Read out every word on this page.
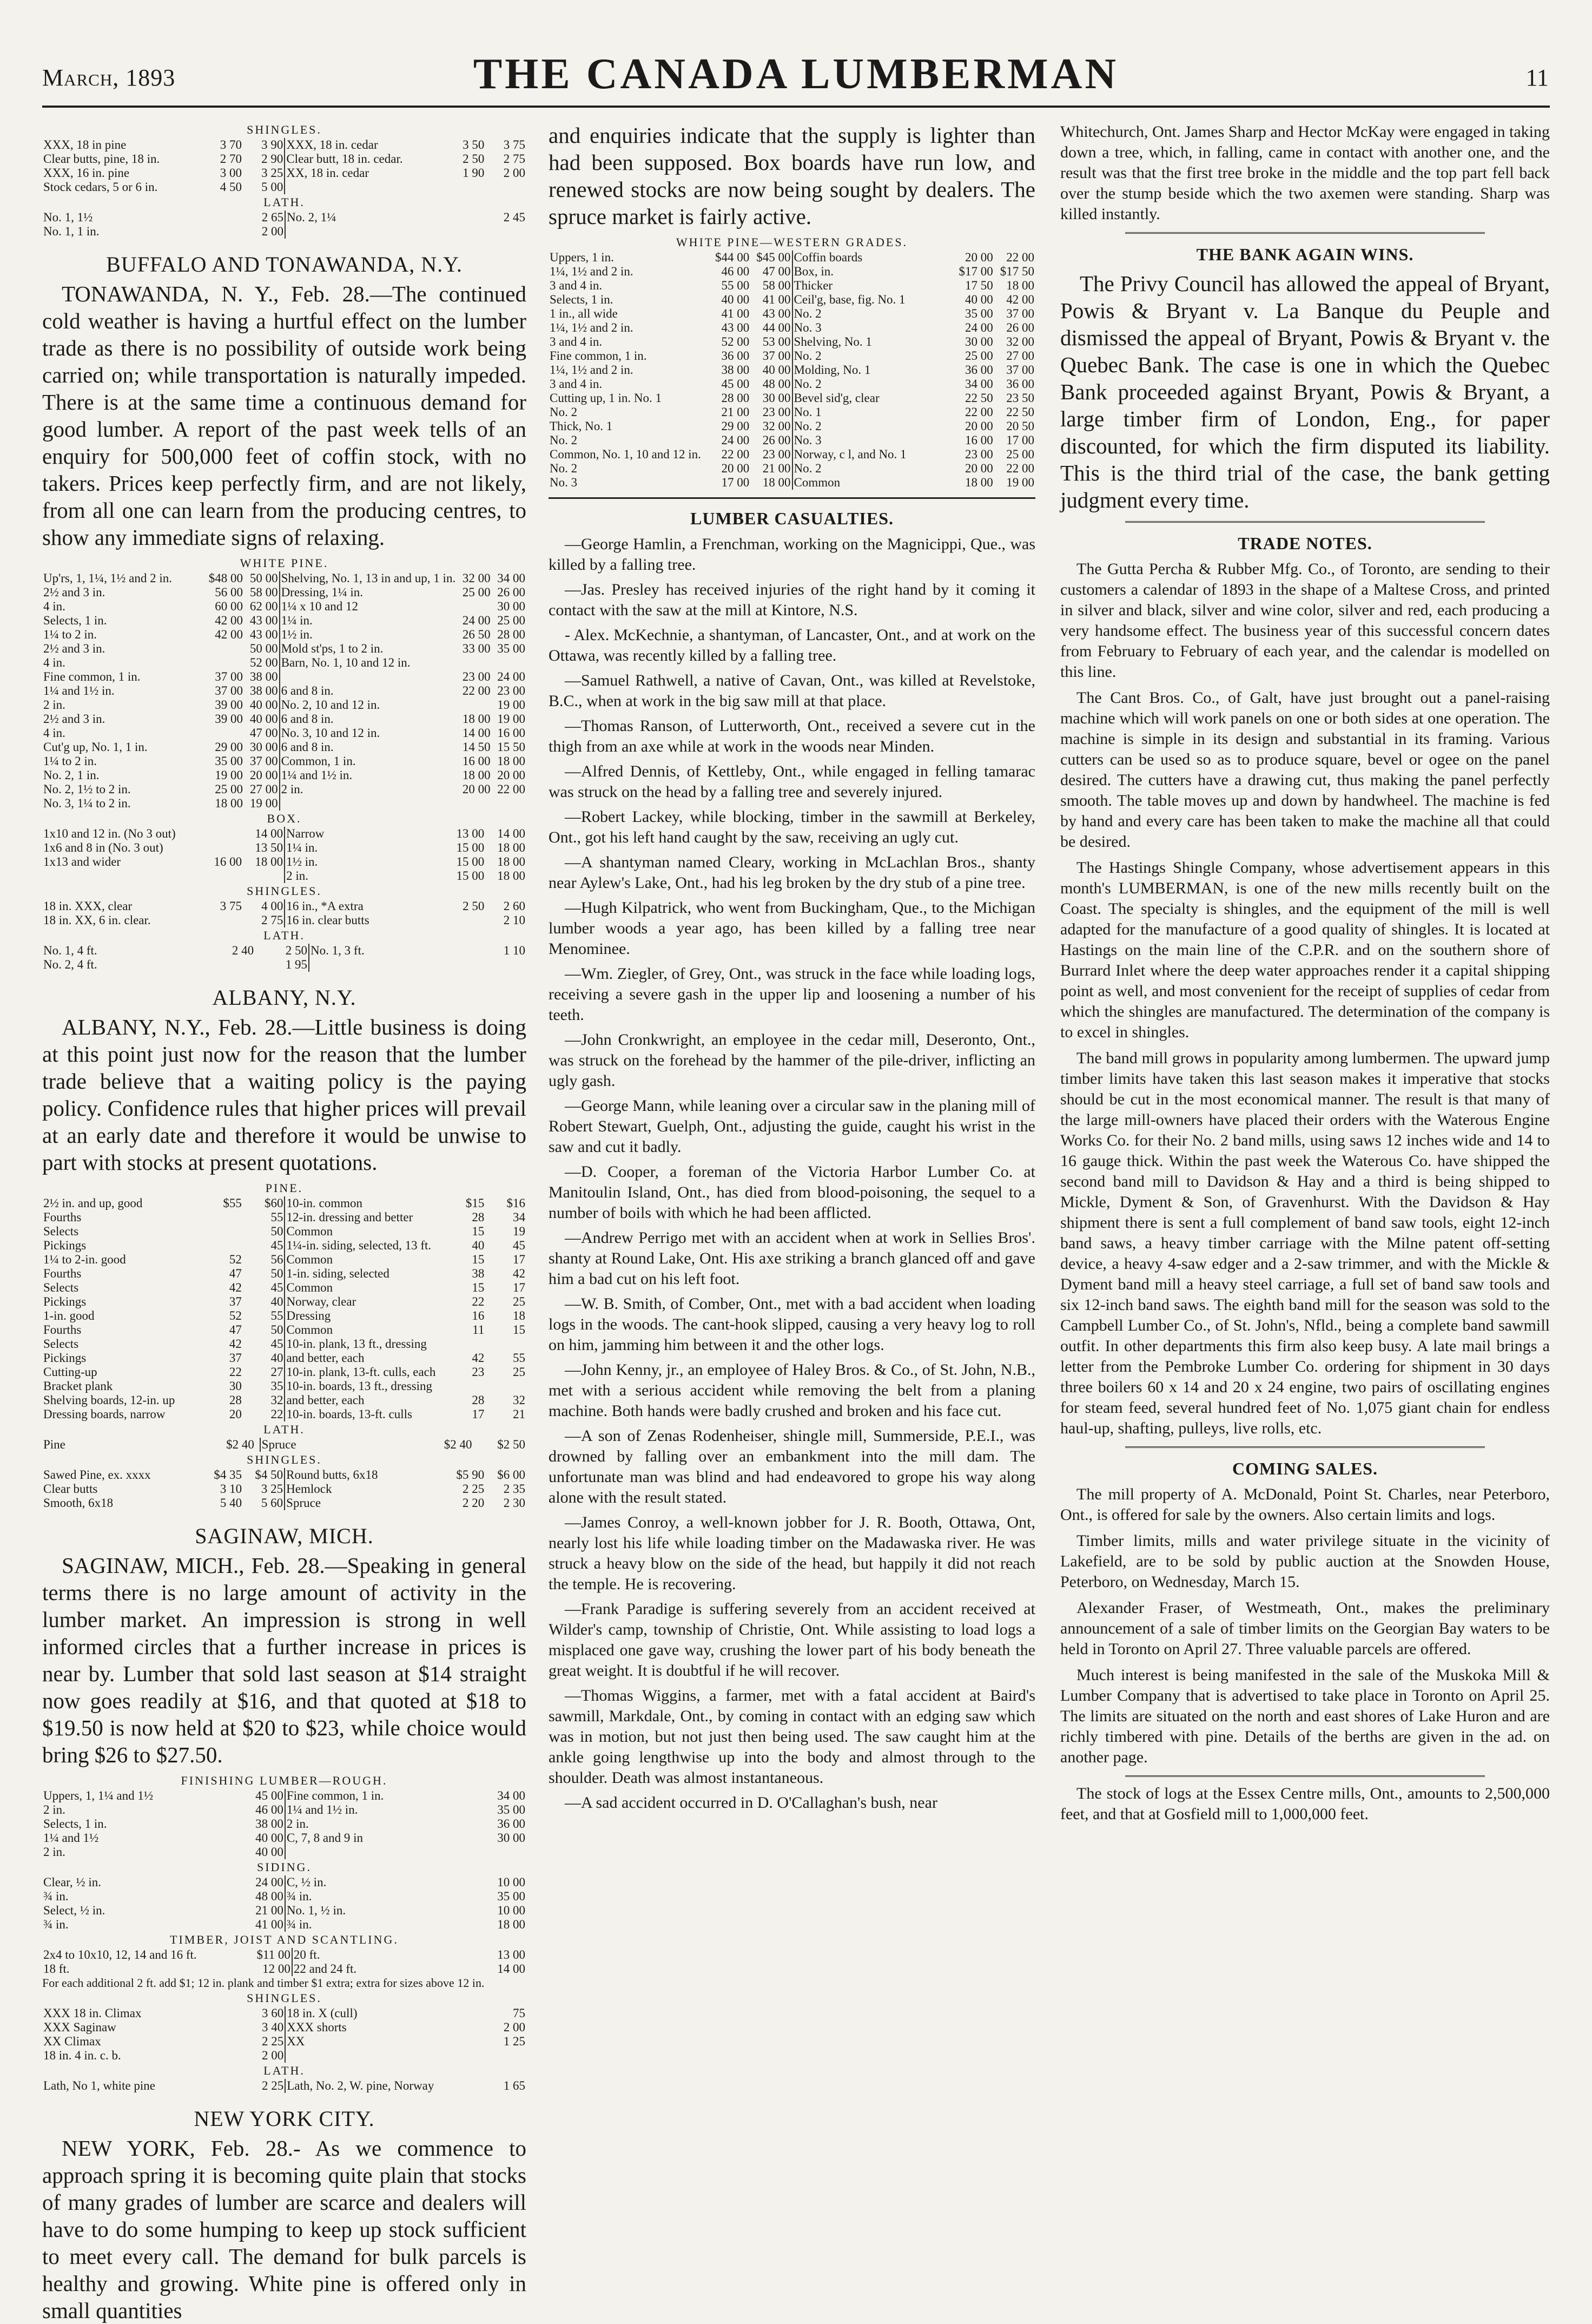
March, 1893	THE CANADA LUMBERMAN	11
SHINGLES.
XXX, 18 in pine	3 70	3 90	XXX, 18 in. cedar	3 50	3 75
Clear butts, pine, 18 in.	2 70	2 90	Clear butt, 18 in. cedar.	2 50	2 75
XXX, 16 in. pine	3 00	3 25	XX, 18 in. cedar	1 90	2 00
Stock cedars, 5 or 6 in.	4 50	5 00			
LATH.
No. 1, 1½		2 65	No. 2, 1¼		2 45
No. 1, 1 in.		2 00			
BUFFALO AND TONAWANDA, N.Y.

TONAWANDA, N. Y., Feb. 28.—The continued cold weather is having a hurtful effect on the lumber trade as there is no possibility of outside work being carried on; while transportation is naturally impeded. There is at the same time a continuous demand for good lumber. A report of the past week tells of an enquiry for 500,000 feet of coffin stock, with no takers. Prices keep perfectly firm, and are not likely, from all one can learn from the producing centres, to show any immediate signs of relaxing.

WHITE PINE.
Up'rs, 1, 1¼, 1½ and 2 in.	$48 00	50 00	Shelving, No. 1, 13 in and up, 1 in.	32 00	34 00
2½ and 3 in.	56 00	58 00	Dressing, 1¼ in.	25 00	26 00
4 in.	60 00	62 00	1¼ x 10 and 12		30 00
Selects, 1 in.	42 00	43 00	1¼ in.	24 00	25 00
1¼ to 2 in.	42 00	43 00	1½ in.	26 50	28 00
2½ and 3 in.		50 00	Mold st'ps, 1 to 2 in.	33 00	35 00
4 in.		52 00	Barn, No. 1, 10 and 12 in.		
Fine common, 1 in.	37 00	38 00		23 00	24 00
1¼ and 1½ in.	37 00	38 00	6 and 8 in.	22 00	23 00
2 in.	39 00	40 00	No. 2, 10 and 12 in.		19 00
2½ and 3 in.	39 00	40 00	6 and 8 in.	18 00	19 00
4 in.		47 00	No. 3, 10 and 12 in.	14 00	16 00
Cut'g up, No. 1, 1 in.	29 00	30 00	6 and 8 in.	14 50	15 50
1¼ to 2 in.	35 00	37 00	Common, 1 in.	16 00	18 00
No. 2, 1 in.	19 00	20 00	1¼ and 1½ in.	18 00	20 00
No. 2, 1½ to 2 in.	25 00	27 00	2 in.	20 00	22 00
No. 3, 1¼ to 2 in.	18 00	19 00			
BOX.
1x10 and 12 in. (No 3 out)		14 00	Narrow	13 00	14 00
1x6 and 8 in (No. 3 out)		13 50	1¼ in.	15 00	18 00
1x13 and wider	16 00	18 00	1½ in.	15 00	18 00
			2 in.	15 00	18 00
SHINGLES.
18 in. XXX, clear	3 75	4 00	16 in., *A extra	2 50	2 60
18 in. XX, 6 in. clear.		2 75	16 in. clear butts		2 10
LATH.
No. 1, 4 ft.	2 40	2 50	No. 1, 3 ft.		1 10
No. 2, 4 ft.		1 95			
ALBANY, N.Y.

ALBANY, N.Y., Feb. 28.—Little business is doing at this point just now for the reason that the lumber trade believe that a waiting policy is the paying policy. Confidence rules that higher prices will prevail at an early date and therefore it would be unwise to part with stocks at present quotations.

PINE.
2½ in. and up, good	$55	$60	10-in. common	$15	$16
Fourths		55	12-in. dressing and better	28	34
Selects		50	Common	15	19
Pickings		45	1¼-in. siding, selected, 13 ft.	40	45
1¼ to 2-in. good	52	56	Common	15	17
Fourths	47	50	1-in. siding, selected	38	42
Selects	42	45	Common	15	17
Pickings	37	40	Norway, clear	22	25
1-in. good	52	55	Dressing	16	18
Fourths	47	50	Common	11	15
Selects	42	45	10-in. plank, 13 ft., dressing		
Pickings	37	40	and better, each	42	55
Cutting-up	22	27	10-in. plank, 13-ft. culls, each	23	25
Bracket plank	30	35	10-in. boards, 13 ft., dressing		
Shelving boards, 12-in. up	28	32	and better, each	28	32
Dressing boards, narrow	20	22	10-in. boards, 13-ft. culls	17	21
LATH.
Pine	$2 40		Spruce	$2 40	$2 50
SHINGLES.
Sawed Pine, ex. xxxx	$4 35	$4 50	Round butts, 6x18	$5 90	$6 00
Clear butts	3 10	3 25	Hemlock	2 25	2 35
Smooth, 6x18	5 40	5 60	Spruce	2 20	2 30
SAGINAW, MICH.

SAGINAW, MICH., Feb. 28.—Speaking in general terms there is no large amount of activity in the lumber market. An impression is strong in well informed circles that a further increase in prices is near by. Lumber that sold last season at $14 straight now goes readily at $16, and that quoted at $18 to $19.50 is now held at $20 to $23, while choice would bring $26 to $27.50.

FINISHING LUMBER—ROUGH.
Uppers, 1, 1¼ and 1½	45 00	Fine common, 1 in.	34 00
2 in.	46 00	1¼ and 1½ in.	35 00
Selects, 1 in.	38 00	2 in.	36 00
1¼ and 1½	40 00	C, 7, 8 and 9 in	30 00
2 in.	40 00		
SIDING.
Clear, ½ in.	24 00	C, ½ in.	10 00
¾ in.	48 00	¾ in.	35 00
Select, ½ in.	21 00	No. 1, ½ in.	10 00
¾ in.	41 00	¾ in.	18 00
TIMBER, JOIST AND SCANTLING.
2x4 to 10x10, 12, 14 and 16 ft.	$11 00	20 ft.	13 00
18 ft.	12 00	22 and 24 ft.	14 00
For each additional 2 ft. add $1; 12 in. plank and timber $1 extra; extra for sizes above 12 in.
SHINGLES.
XXX 18 in. Climax	3 60	18 in. X (cull)	75
XXX Saginaw	3 40	XXX shorts	2 00
XX Climax	2 25	XX	1 25
18 in. 4 in. c. b.	2 00		
LATH.
Lath, No 1, white pine	2 25	Lath, No. 2, W. pine, Norway	1 65
NEW YORK CITY.

NEW YORK, Feb. 28.- As we commence to approach spring it is becoming quite plain that stocks of many grades of lumber are scarce and dealers will have to do some humping to keep up stock sufficient to meet every call. The demand for bulk parcels is healthy and growing. White pine is offered only in small quantities

and enquiries indicate that the supply is lighter than had been supposed. Box boards have run low, and renewed stocks are now being sought by dealers. The spruce market is fairly active.

WHITE PINE—WESTERN GRADES.
Uppers, 1 in.	$44 00	$45 00	Coffin boards	20 00	22 00
1¼, 1½ and 2 in.	46 00	47 00	Box, in.	$17 00	$17 50
3 and 4 in.	55 00	58 00	Thicker	17 50	18 00
Selects, 1 in.	40 00	41 00	Ceil'g, base, fig. No. 1	40 00	42 00
1 in., all wide	41 00	43 00	No. 2	35 00	37 00
1¼, 1½ and 2 in.	43 00	44 00	No. 3	24 00	26 00
3 and 4 in.	52 00	53 00	Shelving, No. 1	30 00	32 00
Fine common, 1 in.	36 00	37 00	No. 2	25 00	27 00
1¼, 1½ and 2 in.	38 00	40 00	Molding, No. 1	36 00	37 00
3 and 4 in.	45 00	48 00	No. 2	34 00	36 00
Cutting up, 1 in. No. 1	28 00	30 00	Bevel sid'g, clear	22 50	23 50
No. 2	21 00	23 00	No. 1	22 00	22 50
Thick, No. 1	29 00	32 00	No. 2	20 00	20 50
No. 2	24 00	26 00	No. 3	16 00	17 00
Common, No. 1, 10 and 12 in.	22 00	23 00	Norway, c l, and No. 1	23 00	25 00
No. 2	20 00	21 00	No. 2	20 00	22 00
No. 3	17 00	18 00	Common	18 00	19 00
LUMBER CASUALTIES.

—George Hamlin, a Frenchman, working on the Magnicippi, Que., was killed by a falling tree.

—Jas. Presley has received injuries of the right hand by it coming it contact with the saw at the mill at Kintore, N.S.

- Alex. McKechnie, a shantyman, of Lancaster, Ont., and at work on the Ottawa, was recently killed by a falling tree.

—Samuel Rathwell, a native of Cavan, Ont., was killed at Revelstoke, B.C., when at work in the big saw mill at that place.

—Thomas Ranson, of Lutterworth, Ont., received a severe cut in the thigh from an axe while at work in the woods near Minden.

—Alfred Dennis, of Kettleby, Ont., while engaged in felling tamarac was struck on the head by a falling tree and severely injured.

—Robert Lackey, while blocking, timber in the sawmill at Berkeley, Ont., got his left hand caught by the saw, receiving an ugly cut.

—A shantyman named Cleary, working in McLachlan Bros., shanty near Aylew's Lake, Ont., had his leg broken by the dry stub of a pine tree.

—Hugh Kilpatrick, who went from Buckingham, Que., to the Michigan lumber woods a year ago, has been killed by a falling tree near Menominee.

—Wm. Ziegler, of Grey, Ont., was struck in the face while loading logs, receiving a severe gash in the upper lip and loosening a number of his teeth.

—John Cronkwright, an employee in the cedar mill, Deseronto, Ont., was struck on the forehead by the hammer of the pile-driver, inflicting an ugly gash.

—George Mann, while leaning over a circular saw in the planing mill of Robert Stewart, Guelph, Ont., adjusting the guide, caught his wrist in the saw and cut it badly.

—D. Cooper, a foreman of the Victoria Harbor Lumber Co. at Manitoulin Island, Ont., has died from blood-poisoning, the sequel to a number of boils with which he had been afflicted.

—Andrew Perrigo met with an accident when at work in Sellies Bros'. shanty at Round Lake, Ont. His axe striking a branch glanced off and gave him a bad cut on his left foot.

—W. B. Smith, of Comber, Ont., met with a bad accident when loading logs in the woods. The cant-hook slipped, causing a very heavy log to roll on him, jamming him between it and the other logs.

—John Kenny, jr., an employee of Haley Bros. & Co., of St. John, N.B., met with a serious accident while removing the belt from a planing machine. Both hands were badly crushed and broken and his face cut.

—A son of Zenas Rodenheiser, shingle mill, Summerside, P.E.I., was drowned by falling over an embankment into the mill dam. The unfortunate man was blind and had endeavored to grope his way along alone with the result stated.

—James Conroy, a well-known jobber for J. R. Booth, Ottawa, Ont, nearly lost his life while loading timber on the Madawaska river. He was struck a heavy blow on the side of the head, but happily it did not reach the temple. He is recovering.

—Frank Paradige is suffering severely from an accident received at Wilder's camp, township of Christie, Ont. While assisting to load logs a misplaced one gave way, crushing the lower part of his body beneath the great weight. It is doubtful if he will recover.

—Thomas Wiggins, a farmer, met with a fatal accident at Baird's sawmill, Markdale, Ont., by coming in contact with an edging saw which was in motion, but not just then being used. The saw caught him at the ankle going lengthwise up into the body and almost through to the shoulder. Death was almost instantaneous.

—A sad accident occurred in D. O'Callaghan's bush, near

Whitechurch, Ont. James Sharp and Hector McKay were engaged in taking down a tree, which, in falling, came in contact with another one, and the result was that the first tree broke in the middle and the top part fell back over the stump beside which the two axemen were standing. Sharp was killed instantly.

THE BANK AGAIN WINS.

The Privy Council has allowed the appeal of Bryant, Powis & Bryant v. La Banque du Peuple and dismissed the appeal of Bryant, Powis & Bryant v. the Quebec Bank. The case is one in which the Quebec Bank proceeded against Bryant, Powis & Bryant, a large timber firm of London, Eng., for paper discounted, for which the firm disputed its liability. This is the third trial of the case, the bank getting judgment every time.

TRADE NOTES.

The Gutta Percha & Rubber Mfg. Co., of Toronto, are sending to their customers a calendar of 1893 in the shape of a Maltese Cross, and printed in silver and black, silver and wine color, silver and red, each producing a very handsome effect. The business year of this successful concern dates from February to February of each year, and the calendar is modelled on this line.

The Cant Bros. Co., of Galt, have just brought out a panel-raising machine which will work panels on one or both sides at one operation. The machine is simple in its design and substantial in its framing. Various cutters can be used so as to produce square, bevel or ogee on the panel desired. The cutters have a drawing cut, thus making the panel perfectly smooth. The table moves up and down by handwheel. The machine is fed by hand and every care has been taken to make the machine all that could be desired.

The Hastings Shingle Company, whose advertisement appears in this month's LUMBERMAN, is one of the new mills recently built on the Coast. The specialty is shingles, and the equipment of the mill is well adapted for the manufacture of a good quality of shingles. It is located at Hastings on the main line of the C.P.R. and on the southern shore of Burrard Inlet where the deep water approaches render it a capital shipping point as well, and most convenient for the receipt of supplies of cedar from which the shingles are manufactured. The determination of the company is to excel in shingles.

The band mill grows in popularity among lumbermen. The upward jump timber limits have taken this last season makes it imperative that stocks should be cut in the most economical manner. The result is that many of the large mill-owners have placed their orders with the Waterous Engine Works Co. for their No. 2 band mills, using saws 12 inches wide and 14 to 16 gauge thick. Within the past week the Waterous Co. have shipped the second band mill to Davidson & Hay and a third is being shipped to Mickle, Dyment & Son, of Gravenhurst. With the Davidson & Hay shipment there is sent a full complement of band saw tools, eight 12-inch band saws, a heavy timber carriage with the Milne patent off-setting device, a heavy 4-saw edger and a 2-saw trimmer, and with the Mickle & Dyment band mill a heavy steel carriage, a full set of band saw tools and six 12-inch band saws. The eighth band mill for the season was sold to the Campbell Lumber Co., of St. John's, Nfld., being a complete band sawmill outfit. In other departments this firm also keep busy. A late mail brings a letter from the Pembroke Lumber Co. ordering for shipment in 30 days three boilers 60 x 14 and 20 x 24 engine, two pairs of oscillating engines for steam feed, several hundred feet of No. 1,075 giant chain for endless haul-up, shafting, pulleys, live rolls, etc.

COMING SALES.

The mill property of A. McDonald, Point St. Charles, near Peterboro, Ont., is offered for sale by the owners. Also certain limits and logs.

Timber limits, mills and water privilege situate in the vicinity of Lakefield, are to be sold by public auction at the Snowden House, Peterboro, on Wednesday, March 15.

Alexander Fraser, of Westmeath, Ont., makes the preliminary announcement of a sale of timber limits on the Georgian Bay waters to be held in Toronto on April 27. Three valuable parcels are offered.

Much interest is being manifested in the sale of the Muskoka Mill & Lumber Company that is advertised to take place in Toronto on April 25. The limits are situated on the north and east shores of Lake Huron and are richly timbered with pine. Details of the berths are given in the ad. on another page.

The stock of logs at the Essex Centre mills, Ont., amounts to 2,500,000 feet, and that at Gosfield mill to 1,000,000 feet.
